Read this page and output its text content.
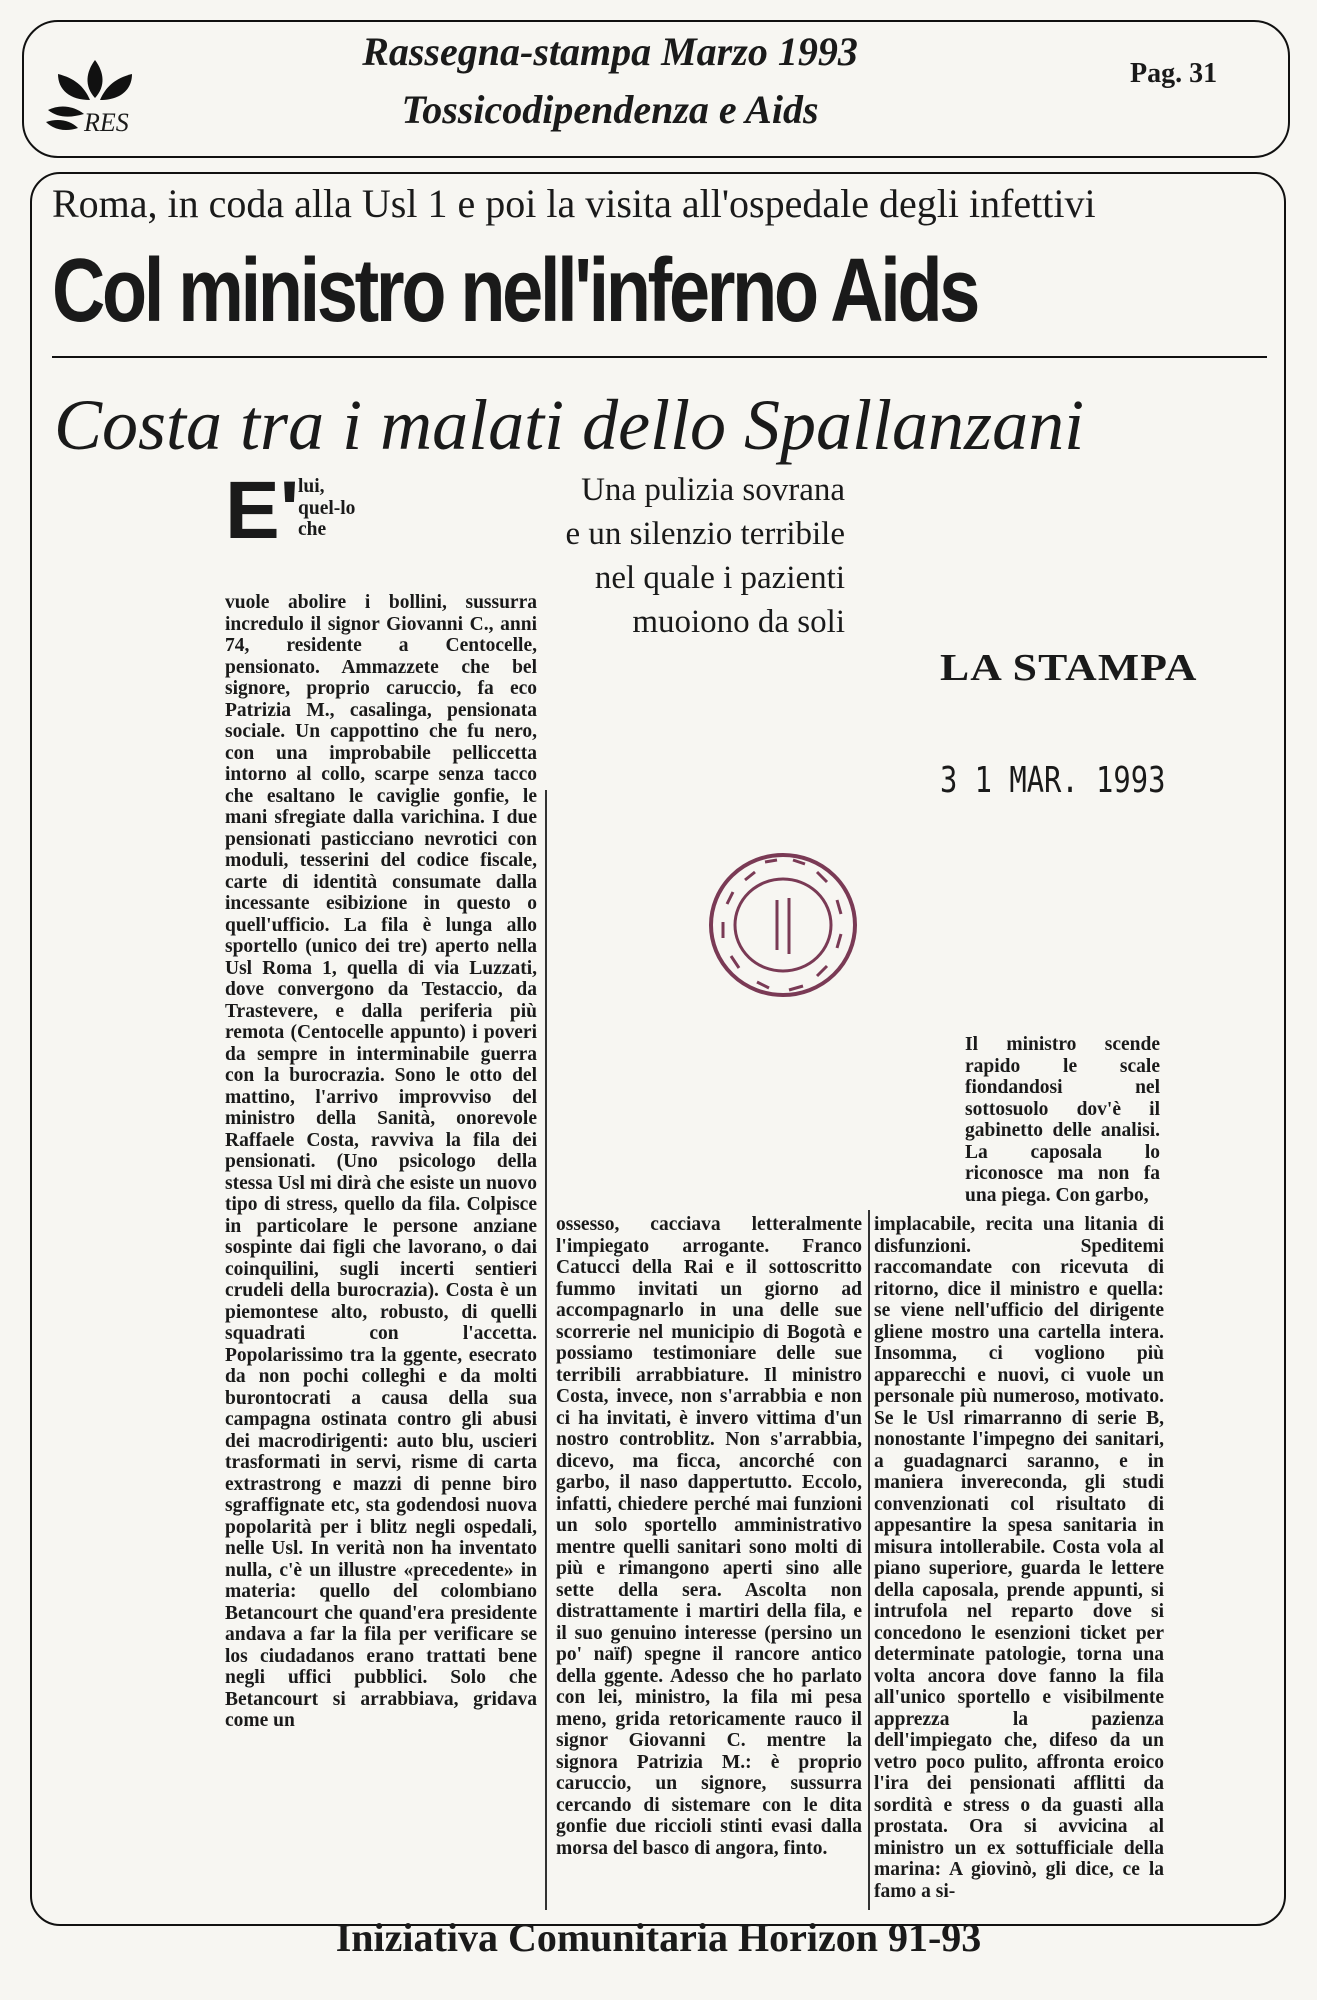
RES
Rassegna-stampa Marzo 1993
Tossicodipendenza e Aids
Pag. 31
Roma, in coda alla Usl 1 e poi la visita all'ospedale degli infettivi
Col ministro nell'inferno Aids
Costa tra i malati dello Spallanzani
Una pulizia sovrana
e un silenzio terribile
nel quale i pazienti
muoiono da soli
LA STAMPA
3 1 MAR. 1993
E'
lui, quel-lo che
vuole abolire i bollini, sussurra incredulo il signor Giovanni C., anni 74, residente a Centocelle, pensionato. Ammazzete che bel signore, proprio caruccio, fa eco Patrizia M., casalinga, pensionata sociale. Un cappottino che fu nero, con una improbabile pelliccetta intorno al collo, scarpe senza tacco che esaltano le caviglie gonfie, le mani sfregiate dalla varichina. I due pensionati pasticciano nevrotici con moduli, tesserini del codice fiscale, carte di identità consumate dalla incessante esibizione in questo o quell'ufficio. La fila è lunga allo sportello (unico dei tre) aperto nella Usl Roma 1, quella di via Luzzati, dove convergono da Testaccio, da Trastevere, e dalla periferia più remota (Centocelle appunto) i poveri da sempre in interminabile guerra con la burocrazia. Sono le otto del mattino, l'arrivo improvviso del ministro della Sanità, onorevole Raffaele Costa, ravviva la fila dei pensionati. (Uno psicologo della stessa Usl mi dirà che esiste un nuovo tipo di stress, quello da fila. Colpisce in particolare le persone anziane sospinte dai figli che lavorano, o dai coinquilini, sugli incerti sentieri crudeli della burocrazia). Costa è un piemontese alto, robusto, di quelli squadrati con l'accetta. Popolarissimo tra la ggente, esecrato da non pochi colleghi e da molti burontocrati a causa della sua campagna ostinata contro gli abusi dei macrodirigenti: auto blu, uscieri trasformati in servi, risme di carta extrastrong e mazzi di penne biro sgraffignate etc, sta godendosi nuova popolarità per i blitz negli ospedali, nelle Usl. In verità non ha inventato nulla, c'è un illustre «precedente» in materia: quello del colombiano Betancourt che quand'era presidente andava a far la fila per verificare se los ciudadanos erano trattati bene negli uffici pubblici. Solo che Betancourt si arrabbiava, gridava come un
ossesso, cacciava letteralmente l'impiegato arrogante. Franco Catucci della Rai e il sottoscritto fummo invitati un giorno ad accompagnarlo in una delle sue scorrerie nel municipio di Bogotà e possiamo testimoniare delle sue terribili arrabbiature. Il ministro Costa, invece, non s'arrabbia e non ci ha invitati, è invero vittima d'un nostro controblitz. Non s'arrabbia, dicevo, ma ficca, ancorché con garbo, il naso dappertutto. Eccolo, infatti, chiedere perché mai funzioni un solo sportello amministrativo mentre quelli sanitari sono molti di più e rimangono aperti sino alle sette della sera. Ascolta non distrattamente i martiri della fila, e il suo genuino interesse (persino un po' naïf) spegne il rancore antico della ggente. Adesso che ho parlato con lei, ministro, la fila mi pesa meno, grida retoricamente rauco il signor Giovanni C. mentre la signora Patrizia M.: è proprio caruccio, un signore, sussurra cercando di sistemare con le dita gonfie due riccioli stinti evasi dalla morsa del basco di angora, finto.
Il ministro scende rapido le scale fiondandosi nel sottosuolo dov'è il gabinetto delle analisi. La caposala lo riconosce ma non fa una piega. Con garbo,
implacabile, recita una litania di disfunzioni. Speditemi raccomandate con ricevuta di ritorno, dice il ministro e quella: se viene nell'ufficio del dirigente gliene mostro una cartella intera. Insomma, ci vogliono più apparecchi e nuovi, ci vuole un personale più numeroso, motivato. Se le Usl rimarranno di serie B, nonostante l'impegno dei sanitari, a guadagnarci saranno, e in maniera invereconda, gli studi convenzionati col risultato di appesantire la spesa sanitaria in misura intollerabile. Costa vola al piano superiore, guarda le lettere della caposala, prende appunti, si intrufola nel reparto dove si concedono le esenzioni ticket per determinate patologie, torna una volta ancora dove fanno la fila all'unico sportello e visibilmente apprezza la pazienza dell'impiegato che, difeso da un vetro poco pulito, affronta eroico l'ira dei pensionati afflitti da sordità e stress o da guasti alla prostata. Ora si avvicina al ministro un ex sottufficiale della marina: A giovinò, gli dice, ce la famo a si-
Iniziativa Comunitaria Horizon 91-93
